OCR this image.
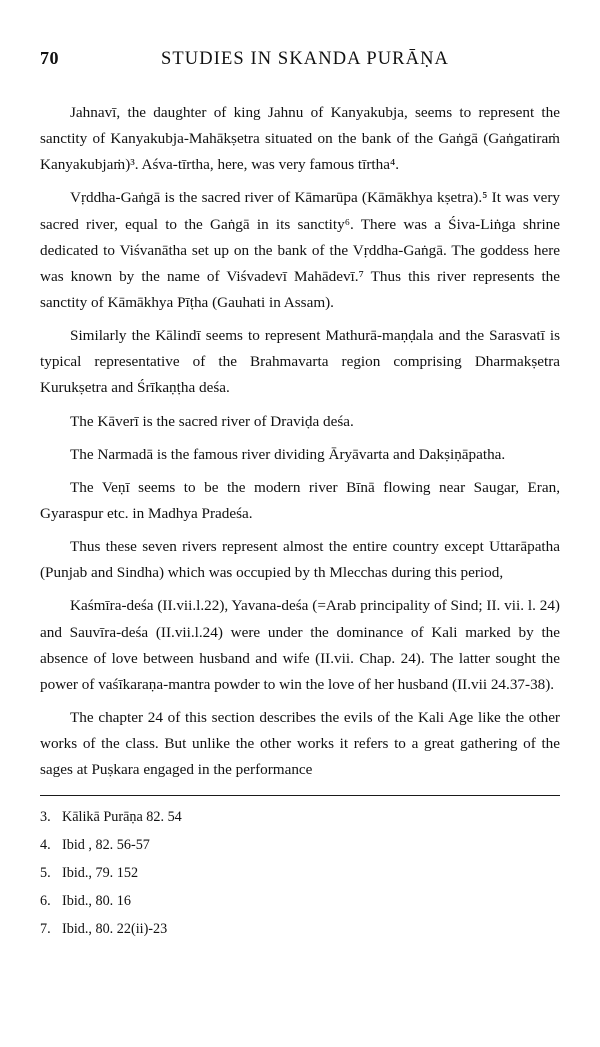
70	STUDIES IN SKANDA PURĀṆA

Jahnavī, the daughter of king Jahnu of Kanyakubja, seems to represent the sanctity of Kanyakubja-Mahākṣetra situated on the bank of the Gaṅgā (Gaṅgatiraṁ Kanyakubjaṁ)³. Aśva-tīrtha, here, was very famous tīrtha⁴.

Vṛddha-Gaṅgā is the sacred river of Kāmarūpa (Kāmākhya kṣetra).⁵ It was very sacred river, equal to the Gaṅgā in its sanctity⁶. There was a Śiva-Liṅga shrine dedicated to Viśvanātha set up on the bank of the Vṛddha-Gaṅgā. The goddess here was known by the name of Viśvadevī Mahādevī.⁷ Thus this river represents the sanctity of Kāmākhya Pīṭha (Gauhati in Assam).

Similarly the Kālindī seems to represent Mathurā-maṇḍala and the Sarasvatī is typical representative of the Brahmavarta region comprising Dharmakṣetra Kurukṣetra and Śrīkaṇṭha deśa.

The Kāverī is the sacred river of Draviḍa deśa.

The Narmadā is the famous river dividing Āryāvarta and Dakṣiṇāpatha.

The Veṇī seems to be the modern river Bīnā flowing near Saugar, Eran, Gyaraspur etc. in Madhya Pradeśa.

Thus these seven rivers represent almost the entire country except Uttarāpatha (Punjab and Sindha) which was occupied by th Mlecchas during this period,

Kaśmīra-deśa (II.vii.l.22), Yavana-deśa (=Arab principality of Sind; II. vii. l. 24) and Sauvīra-deśa (II.vii.l.24) were under the dominance of Kali marked by the absence of love between husband and wife (II.vii. Chap. 24). The latter sought the power of vaśīkaraṇa-mantra powder to win the love of her husband (II.vii 24.37-38).

The chapter 24 of this section describes the evils of the Kali Age like the other works of the class. But unlike the other works it refers to a great gathering of the sages at Puṣkara engaged in the performance

3. Kālikā Purāṇa 82. 54
4. Ibid , 82. 56-57
5. Ibid., 79. 152
6. Ibid., 80. 16
7. Ibid., 80. 22(ii)-23
